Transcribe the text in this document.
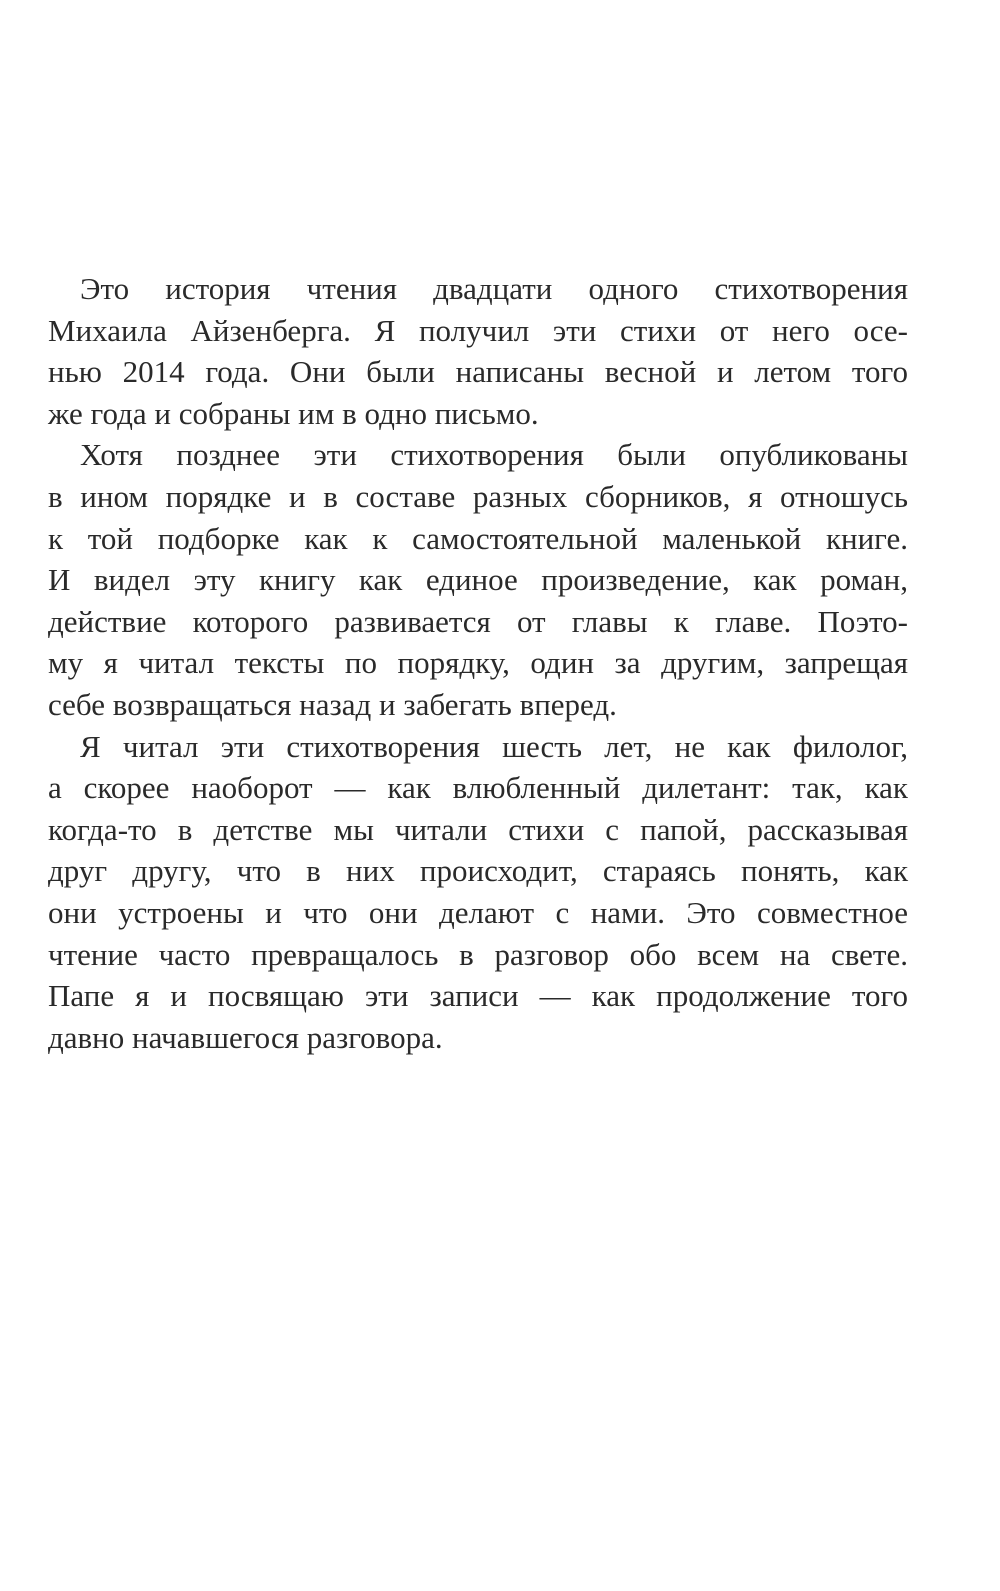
Это история чтения двадцати одного стихотворения
Михаила Айзенберга. Я получил эти стихи от него осе-
нью 2014 года. Они были написаны весной и летом того
же года и собраны им в одно письмо.
Хотя позднее эти стихотворения были опубликованы
в ином порядке и в составе разных сборников, я отношусь
к той подборке как к самостоятельной маленькой книге.
И видел эту книгу как единое произведение, как роман,
действие которого развивается от главы к главе. Поэто-
му я читал тексты по порядку, один за другим, запрещая
себе возвращаться назад и забегать вперед.
Я читал эти стихотворения шесть лет, не как филолог,
а скорее наоборот — как влюбленный дилетант: так, как
когда-то в детстве мы читали стихи с папой, рассказывая
друг другу, что в них происходит, стараясь понять, как
они устроены и что они делают с нами. Это совместное
чтение часто превращалось в разговор обо всем на свете.
Папе я и посвящаю эти записи — как продолжение того
давно начавшегося разговора.
